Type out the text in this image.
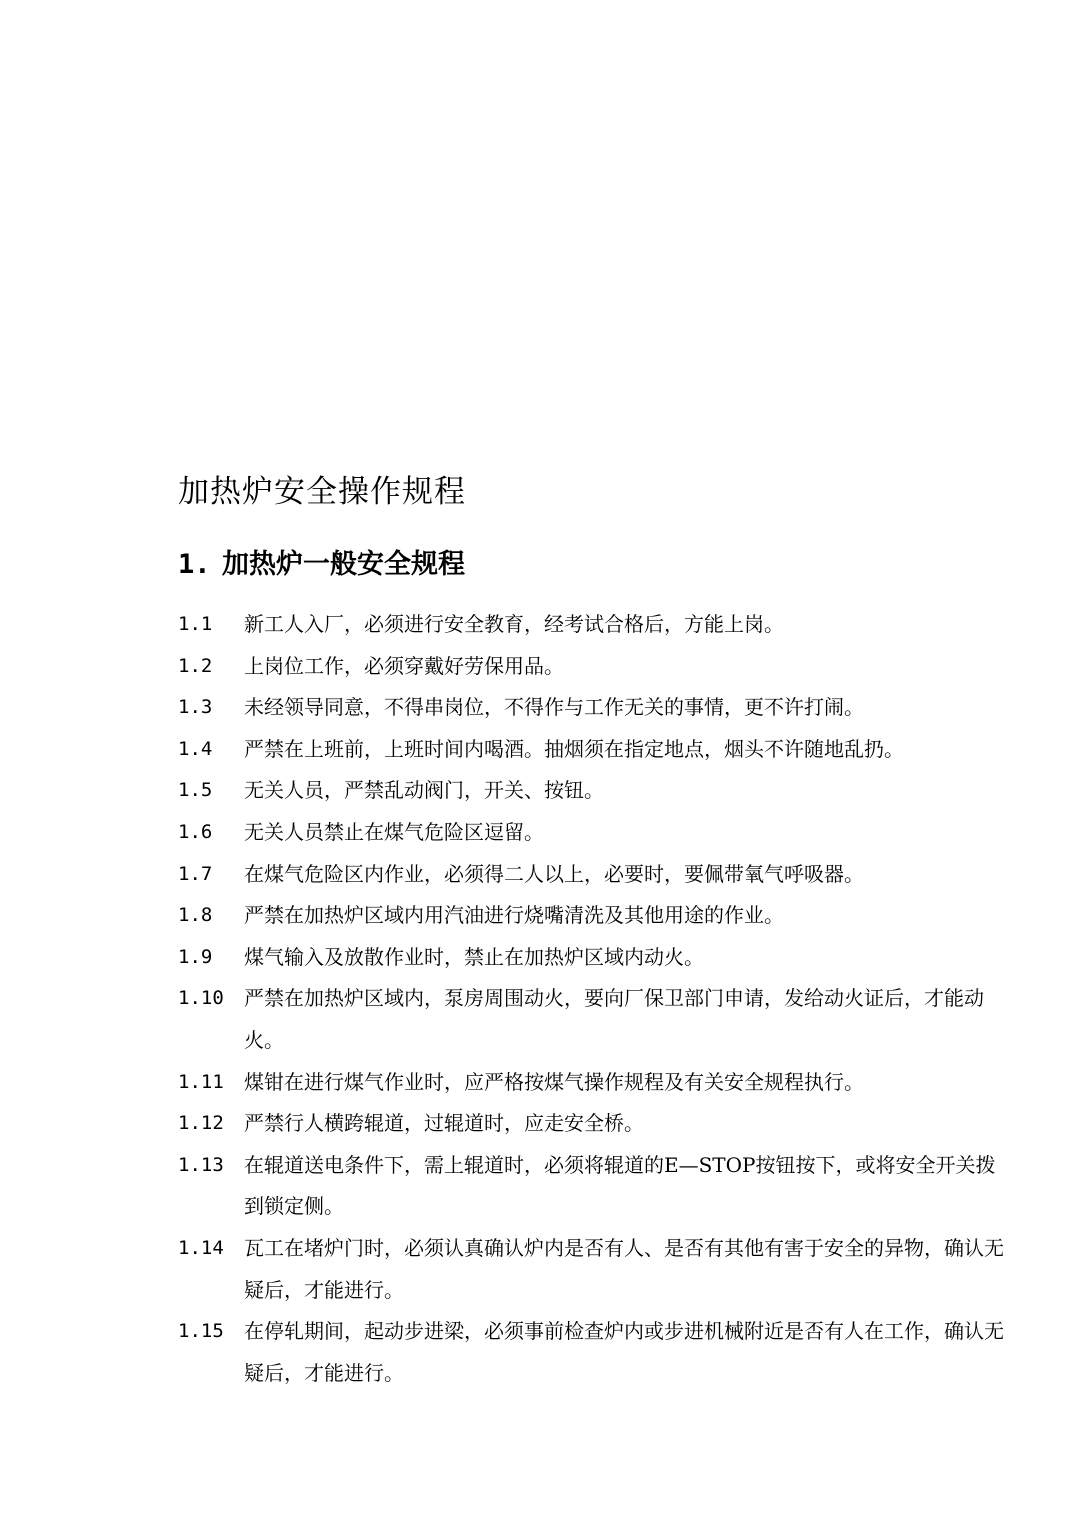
加热炉安全操作规程
1. 加热炉一般安全规程
1.1	新工人入厂，必须进行安全教育，经考试合格后，方能上岗。
1.2	上岗位工作，必须穿戴好劳保用品。
1.3	未经领导同意，不得串岗位，不得作与工作无关的事情，更不许打闹。
1.4	严禁在上班前，上班时间内喝酒。抽烟须在指定地点，烟头不许随地乱扔。
1.5	无关人员，严禁乱动阀门，开关、按钮。
1.6	无关人员禁止在煤气危险区逗留。
1.7	在煤气危险区内作业，必须得二人以上，必要时，要佩带氧气呼吸器。
1.8	严禁在加热炉区域内用汽油进行烧嘴清洗及其他用途的作业。
1.9	煤气输入及放散作业时，禁止在加热炉区域内动火。
1.10	严禁在加热炉区域内，泵房周围动火，要向厂保卫部门申请，发给动火证后，才能动火。
1.11	煤钳在进行煤气作业时，应严格按煤气操作规程及有关安全规程执行。
1.12	严禁行人横跨辊道，过辊道时，应走安全桥。
1.13	在辊道送电条件下，需上辊道时，必须将辊道的E—STOP按钮按下，或将安全开关拨到锁定侧。
1.14	瓦工在堵炉门时，必须认真确认炉内是否有人、是否有其他有害于安全的异物，确认无疑后，才能进行。
1.15	在停轧期间，起动步进梁，必须事前检查炉内或步进机械附近是否有人在工作，确认无疑后，才能进行。
